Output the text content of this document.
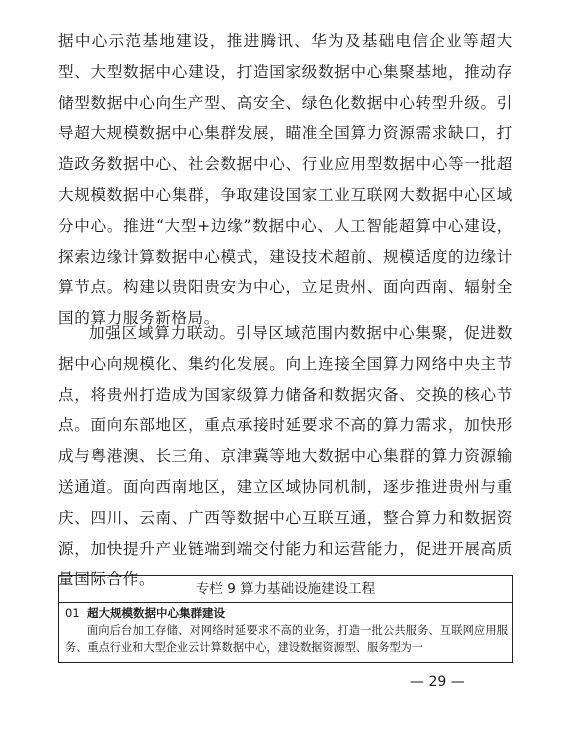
据中心示范基地建设，推进腾讯、华为及基础电信企业等超大型、大型数据中心建设，打造国家级数据中心集聚基地，推动存储型数据中心向生产型、高安全、绿色化数据中心转型升级。引导超大规模数据中心集群发展，瞄准全国算力资源需求缺口，打造政务数据中心、社会数据中心、行业应用型数据中心等一批超大规模数据中心集群，争取建设国家工业互联网大数据中心区域分中心。推进“大型+边缘”数据中心、人工智能超算中心建设，探索边缘计算数据中心模式，建设技术超前、规模适度的边缘计算节点。构建以贵阳贵安为中心，立足贵州、面向西南、辐射全国的算力服务新格局。

加强区域算力联动。引导区域范围内数据中心集聚，促进数据中心向规模化、集约化发展。向上连接全国算力网络中央主节点，将贵州打造成为国家级算力储备和数据灾备、交换的核心节点。面向东部地区，重点承接时延要求不高的算力需求，加快形成与粤港澳、长三角、京津冀等地大数据中心集群的算力资源输送通道。面向西南地区，建立区域协同机制，逐步推进贵州与重庆、四川、云南、广西等数据中心互联互通，整合算力和数据资源，加快提升产业链端到端交付能力和运营能力，促进开展高质量国际合作。

专栏 9 算力基础设施建设工程
01 超大规模数据中心集群建设
面向后台加工存储、对网络时延要求不高的业务，打造一批公共服务、互联网应用服务、重点行业和大型企业云计算数据中心，建设数据资源型、服务型为一
— 29 —
